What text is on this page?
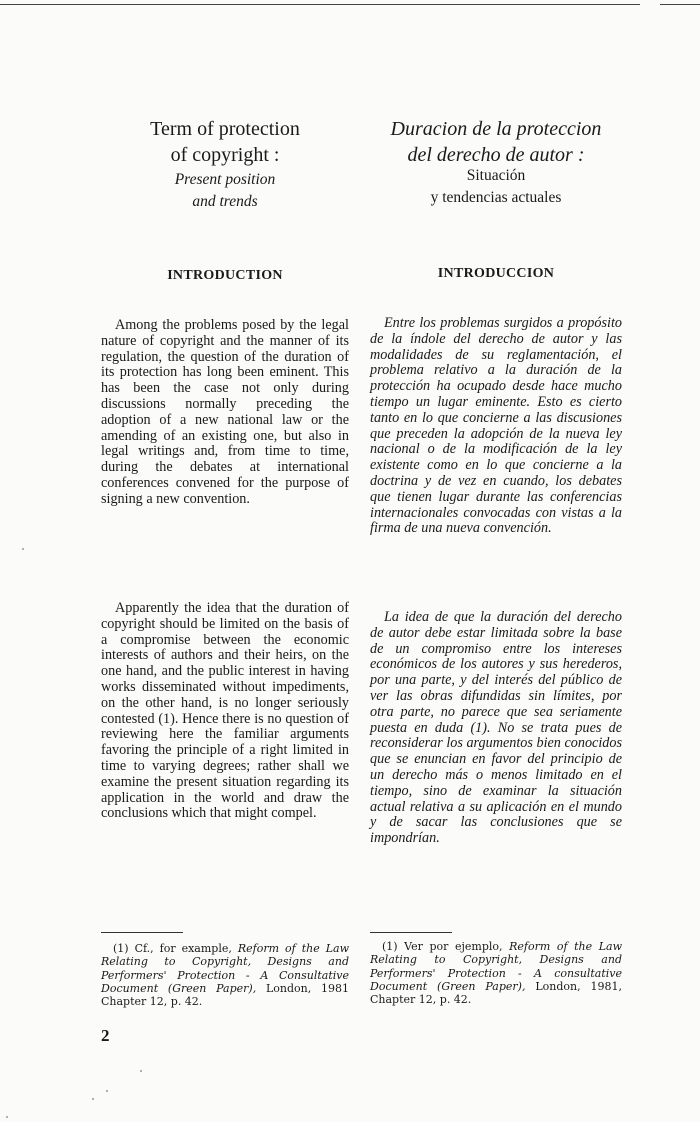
Term of protection
of copyright :
Duracion de la proteccion
del derecho de autor :
Present position
and trends
Situación
y tendencias actuales
INTRODUCTION	INTRODUCCION

Among the problems posed by the legal nature of copyright and the manner of its regulation, the question of the duration of its protection has long been eminent. This has been the case not only during discussions normally preceding the adoption of a new national law or the amending of an existing one, but also in legal writings and, from time to time, during the debates at international conferences convened for the purpose of signing a new convention.

Entre los problemas surgidos a propósito de la índole del derecho de autor y las modalidades de su reglamentación, el problema relativo a la duración de la protección ha ocupado desde hace mucho tiempo un lugar eminente. Esto es cierto tanto en lo que concierne a las discusiones que preceden la adopción de la nueva ley nacional o de la modificación de la ley existente como en lo que concierne a la doctrina y de vez en cuando, los debates que tienen lugar durante las conferencias internacionales convocadas con vistas a la firma de una nueva convención.

Apparently the idea that the duration of copyright should be limited on the basis of a compromise between the economic interests of authors and their heirs, on the one hand, and the public interest in having works disseminated without impediments, on the other hand, is no longer seriously contested (1). Hence there is no question of reviewing here the familiar arguments favoring the principle of a right limited in time to varying degrees; rather shall we examine the present situation regarding its application in the world and draw the conclusions which that might compel.

La idea de que la duración del derecho de autor debe estar limitada sobre la base de un compromiso entre los intereses económicos de los autores y sus herederos, por una parte, y del interés del público de ver las obras difundidas sin límites, por otra parte, no parece que sea seriamente puesta en duda (1). No se trata pues de reconsiderar los argumentos bien conocidos que se enuncian en favor del principio de un derecho más o menos limitado en el tiempo, sino de examinar la situación actual relativa a su aplicación en el mundo y de sacar las conclusiones que se impondrían.

(1) Cf., for example, Reform of the Law Relating to Copyright, Designs and Performers' Protection - A Consultative Document (Green Paper), London, 1981 Chapter 12, p. 42.

(1) Ver por ejemplo, Reform of the Law Relating to Copyright, Designs and Performers' Protection - A consultative Document (Green Paper), London, 1981, Chapter 12, p. 42.

2
